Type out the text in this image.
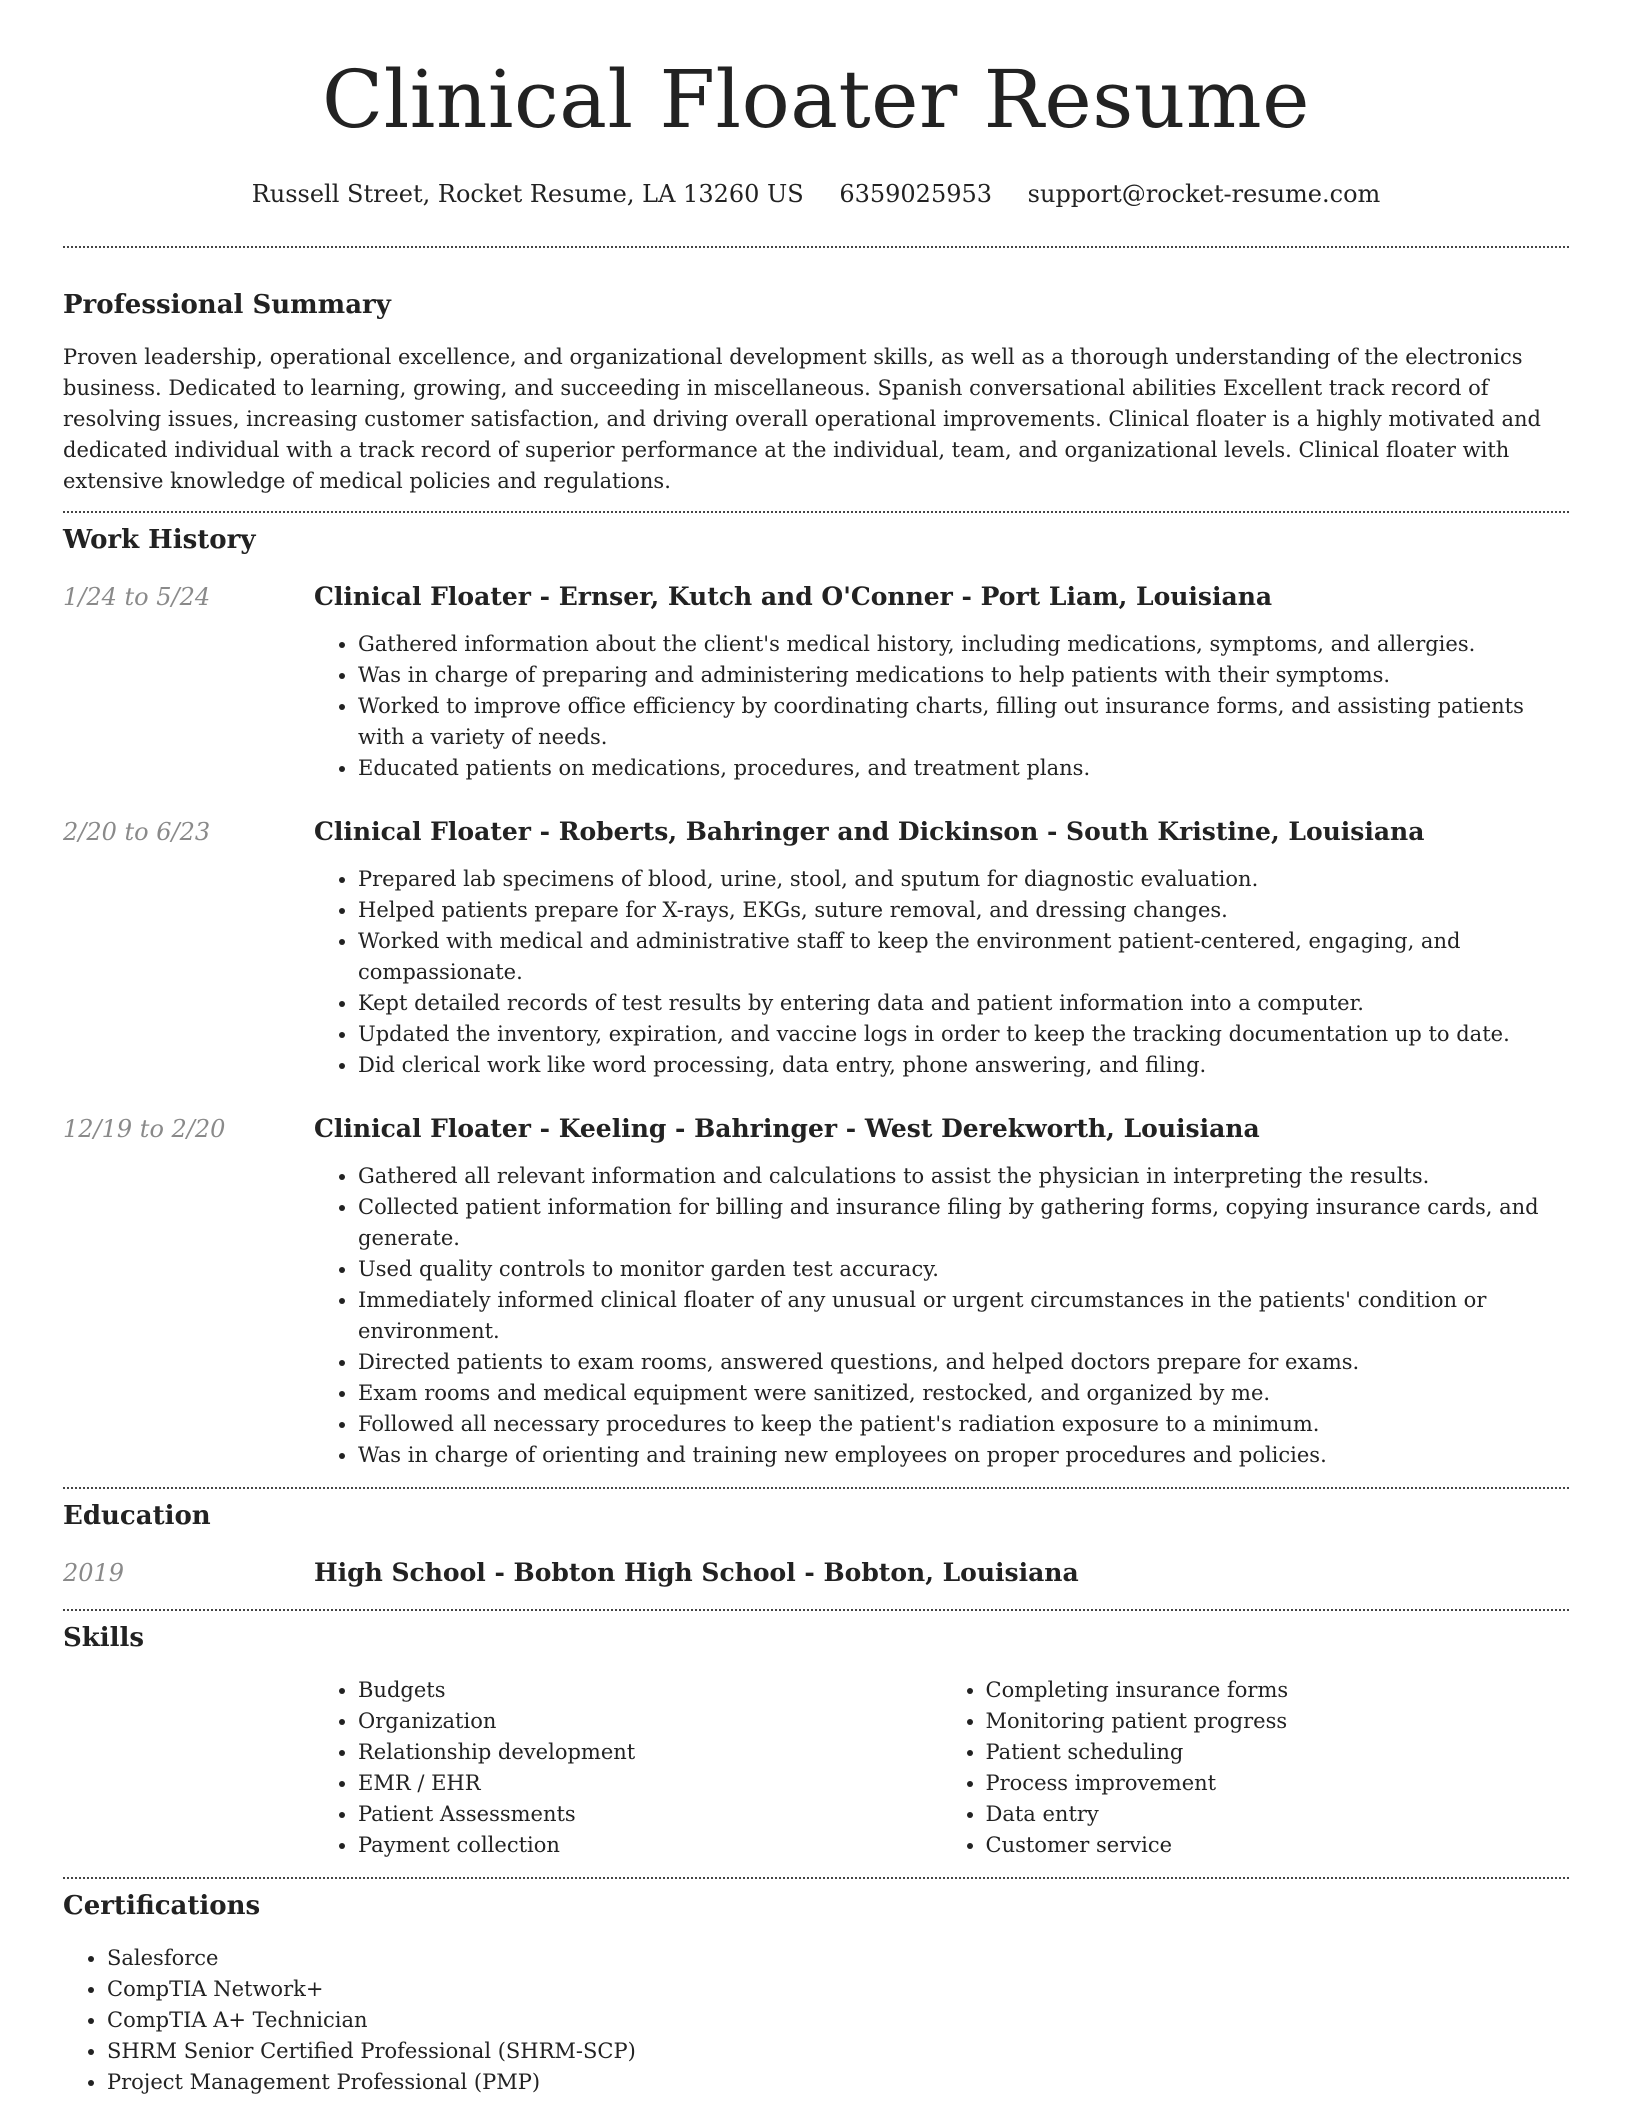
Clinical Floater Resume
Russell Street, Rocket Resume, LA 13260 US 6359025953 support@rocket-resume.com
Professional Summary

Proven leadership, operational excellence, and organizational development skills, as well as a thorough understanding of the electronics business. Dedicated to learning, growing, and succeeding in miscellaneous. Spanish conversational abilities Excellent track record of resolving issues, increasing customer satisfaction, and driving overall operational improvements. Clinical floater is a highly motivated and dedicated individual with a track record of superior performance at the individual, team, and organizational levels. Clinical floater with extensive knowledge of medical policies and regulations.

Work History
1/24 to 5/24	Clinical Floater - Ernser, Kutch and O'Conner - Port Liam, Louisiana
• Gathered information about the client's medical history, including medications, symptoms, and allergies.
• Was in charge of preparing and administering medications to help patients with their symptoms.
• Worked to improve office efficiency by coordinating charts, filling out insurance forms, and assisting patients with a variety of needs.
• Educated patients on medications, procedures, and treatment plans.
2/20 to 6/23	Clinical Floater - Roberts, Bahringer and Dickinson - South Kristine, Louisiana
• Prepared lab specimens of blood, urine, stool, and sputum for diagnostic evaluation.
• Helped patients prepare for X-rays, EKGs, suture removal, and dressing changes.
• Worked with medical and administrative staff to keep the environment patient-centered, engaging, and compassionate.
• Kept detailed records of test results by entering data and patient information into a computer.
• Updated the inventory, expiration, and vaccine logs in order to keep the tracking documentation up to date.
• Did clerical work like word processing, data entry, phone answering, and filing.
12/19 to 2/20	Clinical Floater - Keeling - Bahringer - West Derekworth, Louisiana
• Gathered all relevant information and calculations to assist the physician in interpreting the results.
• Collected patient information for billing and insurance filing by gathering forms, copying insurance cards, and generate.
• Used quality controls to monitor garden test accuracy.
• Immediately informed clinical floater of any unusual or urgent circumstances in the patients' condition or environment.
• Directed patients to exam rooms, answered questions, and helped doctors prepare for exams.
• Exam rooms and medical equipment were sanitized, restocked, and organized by me.
• Followed all necessary procedures to keep the patient's radiation exposure to a minimum.
• Was in charge of orienting and training new employees on proper procedures and policies.
Education
2019	High School - Bobton High School - Bobton, Louisiana
Skills
• Budgets
• Organization
• Relationship development
• EMR / EHR
• Patient Assessments
• Payment collection
• Completing insurance forms
• Monitoring patient progress
• Patient scheduling
• Process improvement
• Data entry
• Customer service
Certifications
• Salesforce
• CompTIA Network+
• CompTIA A+ Technician
• SHRM Senior Certified Professional (SHRM-SCP)
• Project Management Professional (PMP)
